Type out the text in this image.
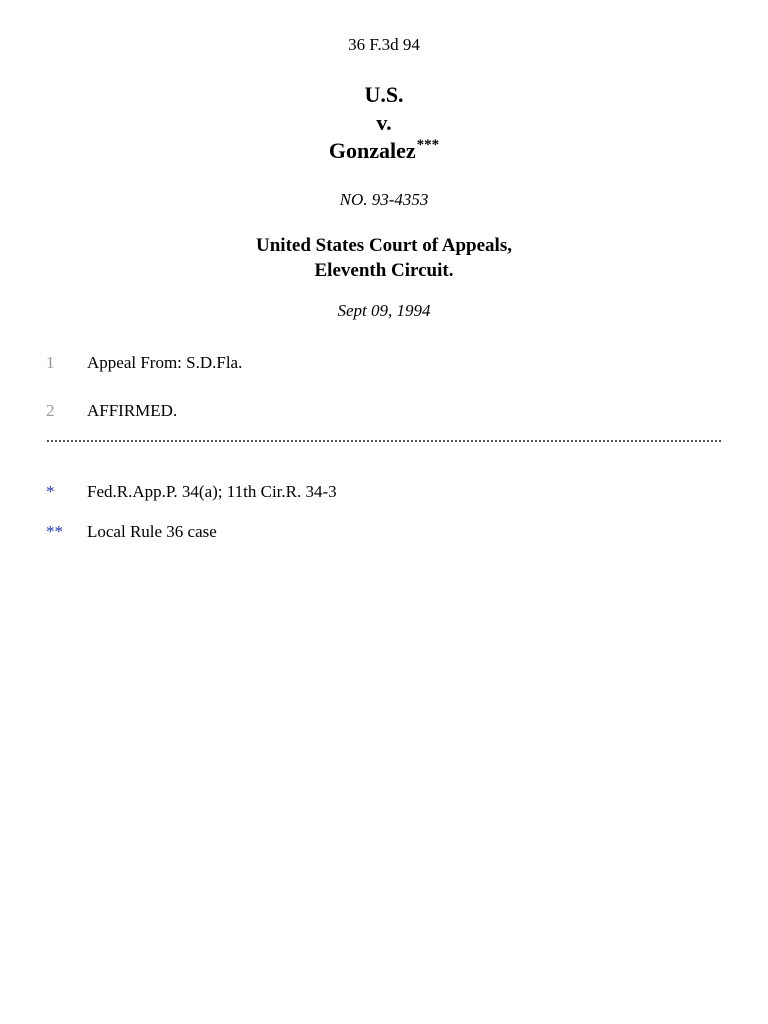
36 F.3d 94
U.S.
v.
Gonzalez***
NO. 93-4353
United States Court of Appeals,
Eleventh Circuit.
Sept 09, 1994
1 Appeal From: S.D.Fla.
2 AFFIRMED.
* Fed.R.App.P. 34(a); 11th Cir.R. 34-3
** Local Rule 36 case
